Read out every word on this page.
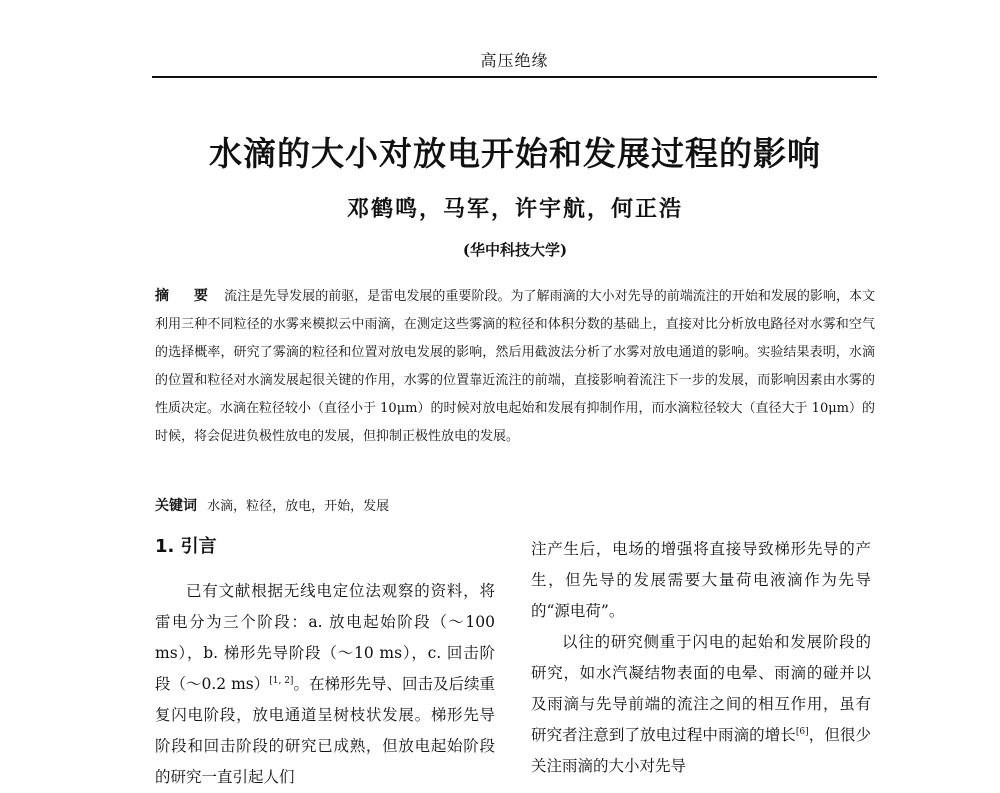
高压绝缘
水滴的大小对放电开始和发展过程的影响
邓鹤鸣，马军，许宇航，何正浩
(华中科技大学)
摘 要 流注是先导发展的前驱，是雷电发展的重要阶段。为了解雨滴的大小对先导的前端流注的开始和发展的影响，本文利用三种不同粒径的水雾来模拟云中雨滴，在测定这些雾滴的粒径和体积分数的基础上，直接对比分析放电路径对水雾和空气的选择概率，研究了雾滴的粒径和位置对放电发展的影响，然后用截波法分析了水雾对放电通道的影响。实验结果表明，水滴的位置和粒径对水滴发展起很关键的作用，水雾的位置靠近流注的前端，直接影响着流注下一步的发展，而影响因素由水雾的性质决定。水滴在粒径较小（直径小于 10μm）的时候对放电起始和发展有抑制作用，而水滴粒径较大（直径大于 10μm）的时候，将会促进负极性放电的发展，但抑制正极性放电的发展。
关键词 水滴，粒径，放电，开始，发展
1. 引言

已有文献根据无线电定位法观察的资料，将雷电分为三个阶段：a. 放电起始阶段（～100 ms），b. 梯形先导阶段（～10 ms），c. 回击阶段（～0.2 ms）[1, 2]。在梯形先导、回击及后续重复闪电阶段，放电通道呈树枝状发展。梯形先导阶段和回击阶段的研究已成熟，但放电起始阶段的研究一直引起人们

注产生后，电场的增强将直接导致梯形先导的产生，但先导的发展需要大量荷电液滴作为先导的“源电荷”。

以往的研究侧重于闪电的起始和发展阶段的研究，如水汽凝结物表面的电晕、雨滴的碰并以及雨滴与先导前端的流注之间的相互作用，虽有研究者注意到了放电过程中雨滴的增长[6]，但很少关注雨滴的大小对先导
